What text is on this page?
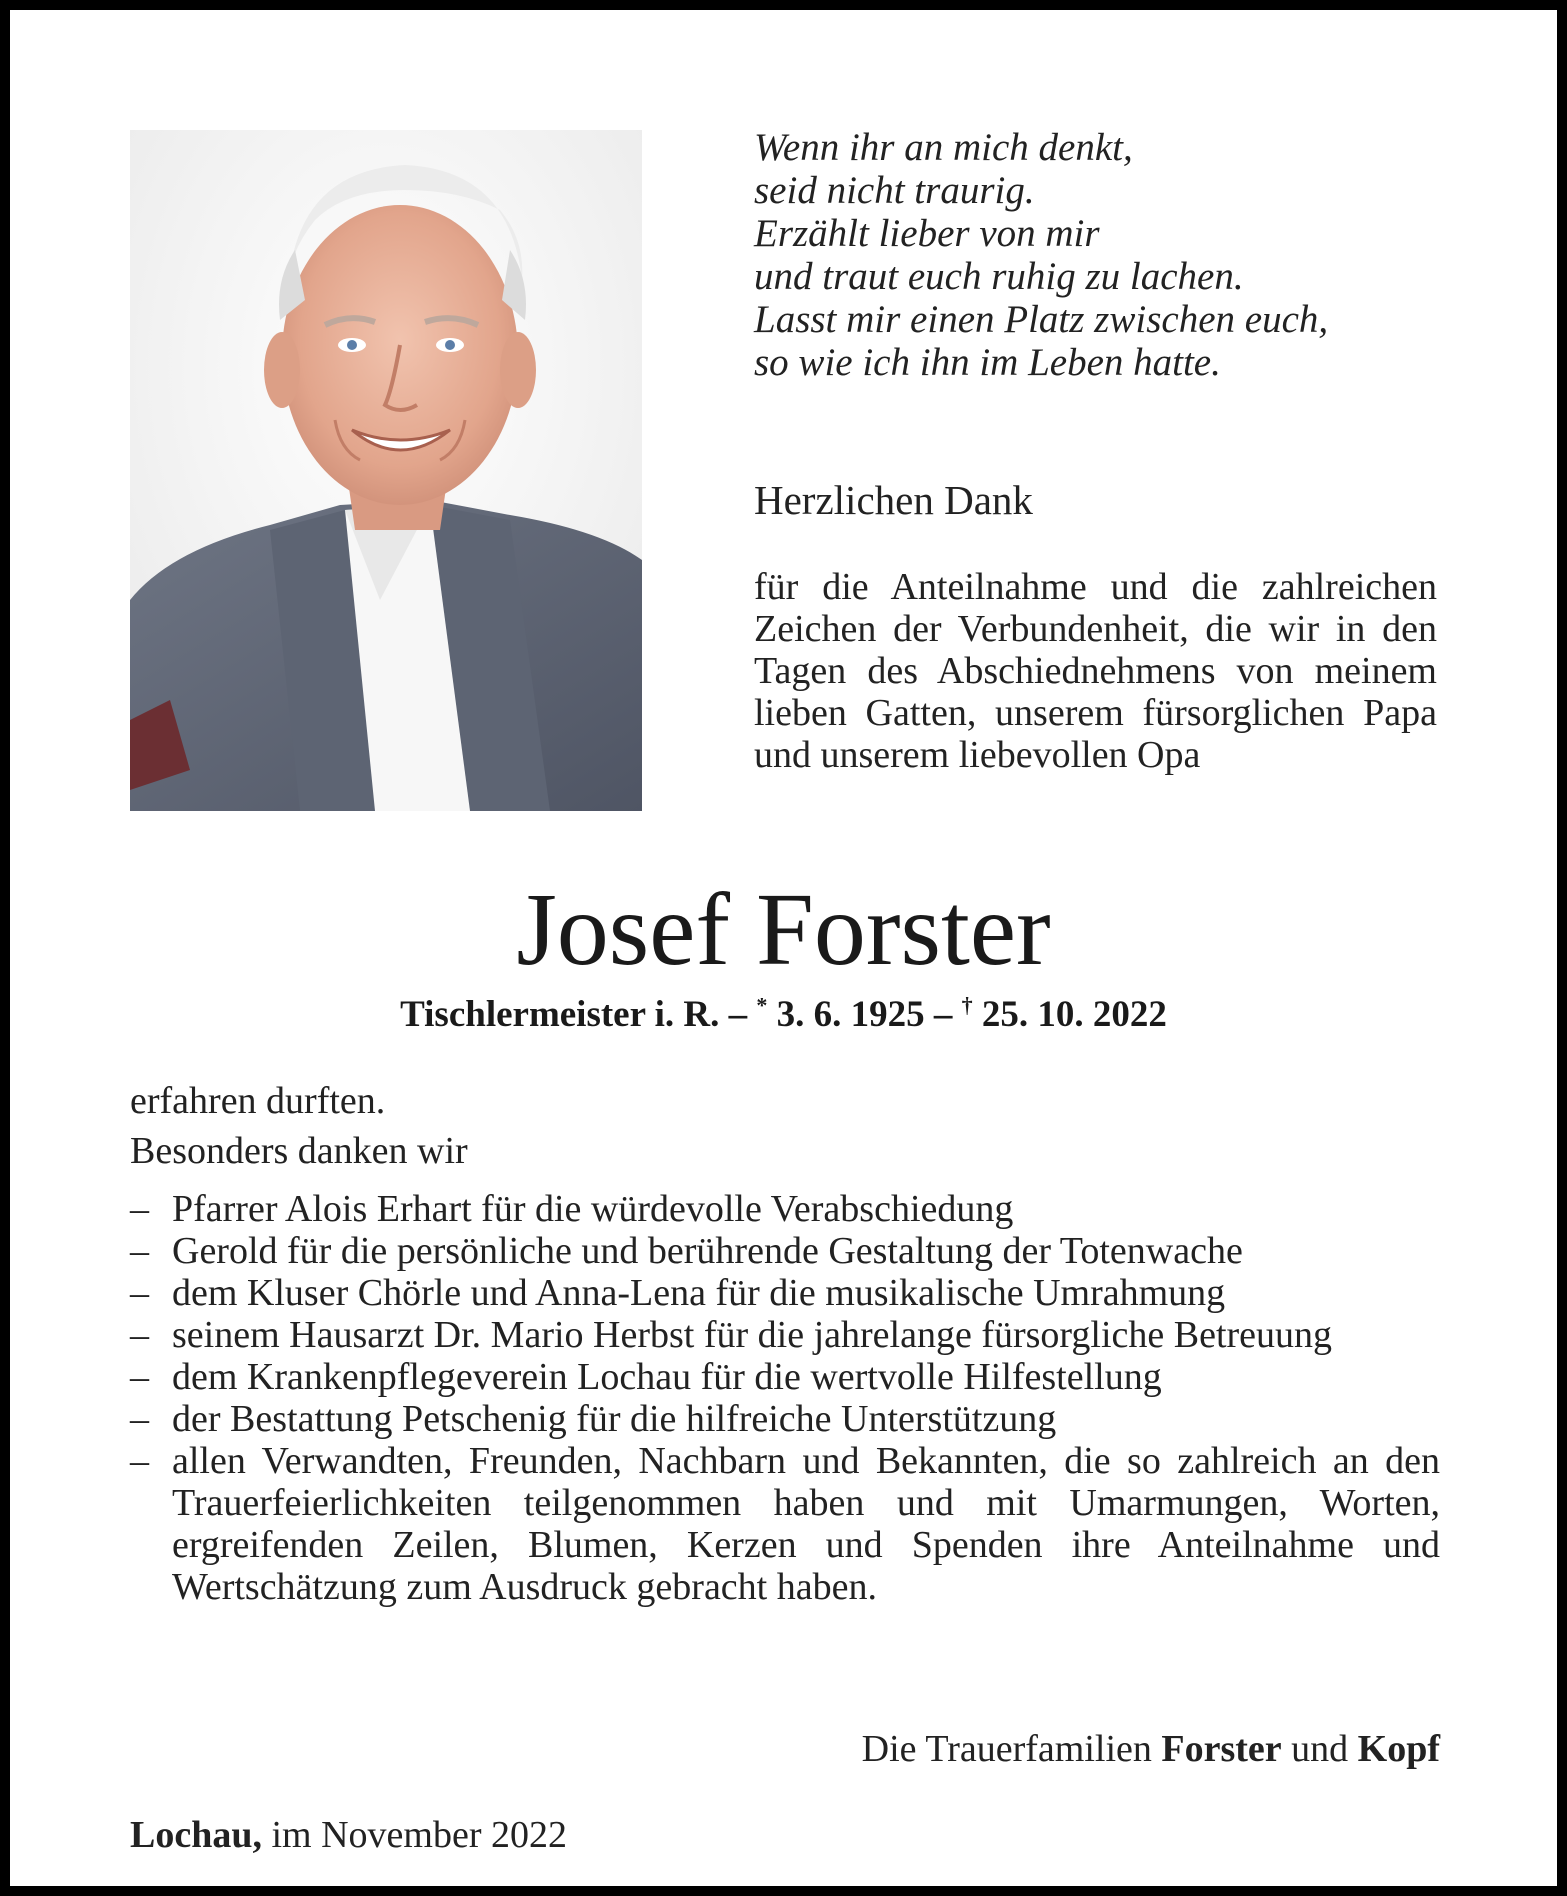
Wenn ihr an mich denkt,
seid nicht traurig.
Erzählt lieber von mir
und traut euch ruhig zu lachen.
Lasst mir einen Platz zwischen euch,
so wie ich ihn im Leben hatte.
Herzlichen Dank
für die Anteilnahme und die zahlreichen Zeichen der Verbundenheit, die wir in den Tagen des Abschiednehmens von meinem lieben Gatten, unserem fürsorglichen Papa und unserem liebevollen Opa
Josef Forster
Tischlermeister i. R. – * 3. 6. 1925 – † 25. 10. 2022
erfahren durften.
Besonders danken wir
– Pfarrer Alois Erhart für die würdevolle Verabschiedung
– Gerold für die persönliche und berührende Gestaltung der Totenwache
– dem Kluser Chörle und Anna-Lena für die musikalische Umrahmung
– seinem Hausarzt Dr. Mario Herbst für die jahrelange fürsorgliche Betreuung
– dem Krankenpflegeverein Lochau für die wertvolle Hilfestellung
– der Bestattung Petschenig für die hilfreiche Unterstützung
– allen Verwandten, Freunden, Nachbarn und Bekannten, die so zahlreich an den Trauerfeierlichkeiten teilgenommen haben und mit Umarmungen, Worten, ergreifenden Zeilen, Blumen, Kerzen und Spenden ihre Anteilnahme und Wertschätzung zum Ausdruck gebracht haben.
Die Trauerfamilien Forster und Kopf
Lochau, im November 2022
